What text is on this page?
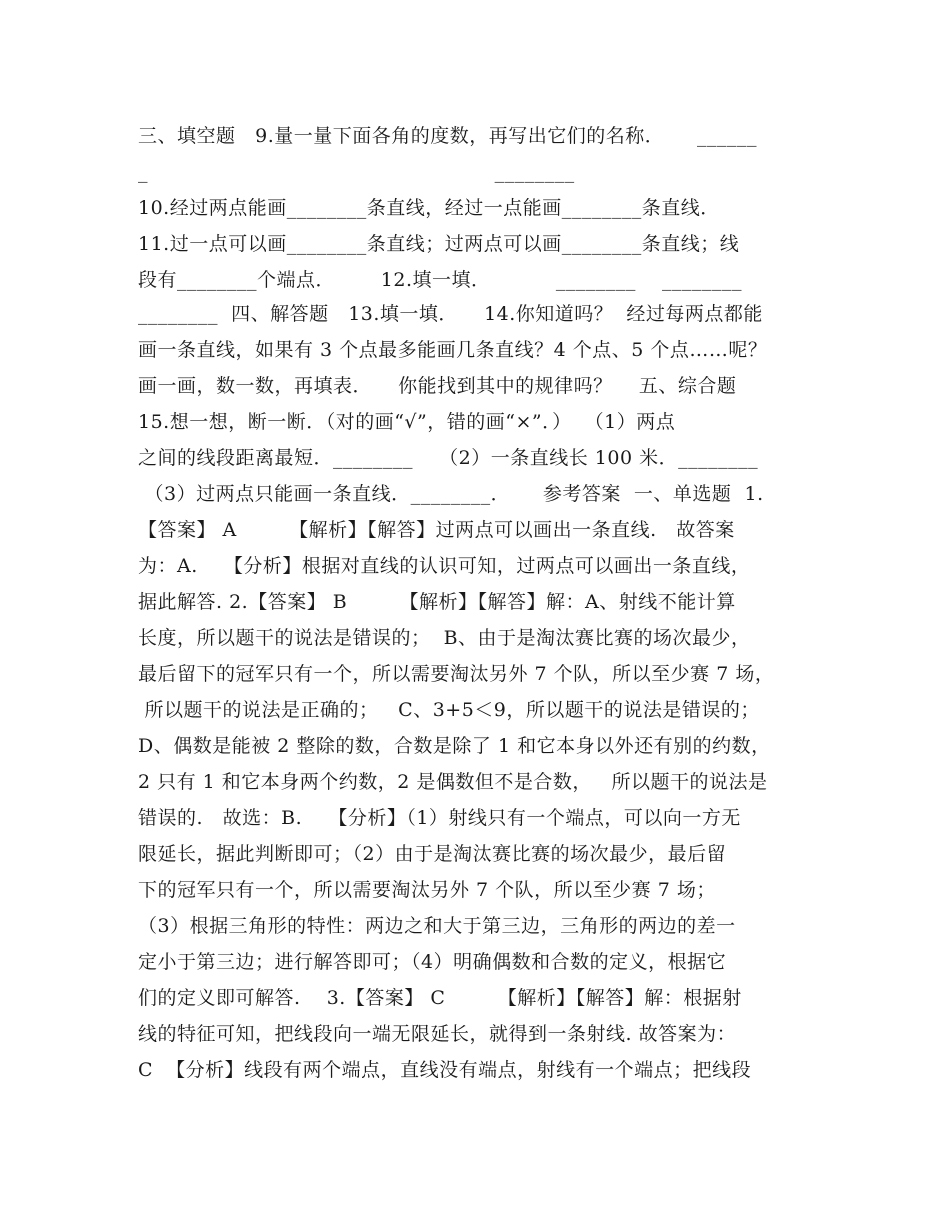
三、填空题   9.量一量下面各角的度数，再写出它们的名称．     ______
_                                                     ________
10.经过两点能画________条直线，经过一点能画________条直线．
11.过一点可以画________条直线；过两点可以画________条直线；线
段有________个端点．       12.填一填．          ________    ________
________  四、解答题   13.填一填．    14.你知道吗？  经过每两点都能
画一条直线，如果有 3 个点最多能画几条直线？4 个点、5 个点……呢？
画一画，数一数，再填表．    你能找到其中的规律吗？    五、综合题
15.想一想，断一断．（对的画“√”，错的画“×”．）  （1）两点
之间的线段距离最短．________    （2）一条直线长 100 米．________
（3）过两点只能画一条直线．________．     参考答案  一、单选题  1.
【答案】 A        【解析】【解答】过两点可以画出一条直线.   故答案
为：A.    【分析】根据对直线的认识可知，过两点可以画出一条直线，
据此解答. 2.【答案】 B        【解析】【解答】解：A、射线不能计算
长度，所以题干的说法是错误的；  B、由于是淘汰赛比赛的场次最少，
最后留下的冠军只有一个，所以需要淘汰另外 7 个队，所以至少赛 7 场，
所以题干的说法是正确的；   C、3+5＜9，所以题干的说法是错误的；
D、偶数是能被 2 整除的数，合数是除了 1 和它本身以外还有别的约数，
2 只有 1 和它本身两个约数，2 是偶数但不是合数，   所以题干的说法是
错误的.   故选：B.    【分析】（1）射线只有一个端点，可以向一方无
限延长，据此判断即可；（2）由于是淘汰赛比赛的场次最少，最后留
下的冠军只有一个，所以需要淘汰另外 7 个队，所以至少赛 7 场；
（3）根据三角形的特性：两边之和大于第三边，三角形的两边的差一
定小于第三边；进行解答即可；（4）明确偶数和合数的定义，根据它
们的定义即可解答.    3.【答案】 C        【解析】【解答】解：根据射
线的特征可知，把线段向一端无限延长，就得到一条射线. 故答案为：
C  【分析】线段有两个端点，直线没有端点，射线有一个端点；把线段
